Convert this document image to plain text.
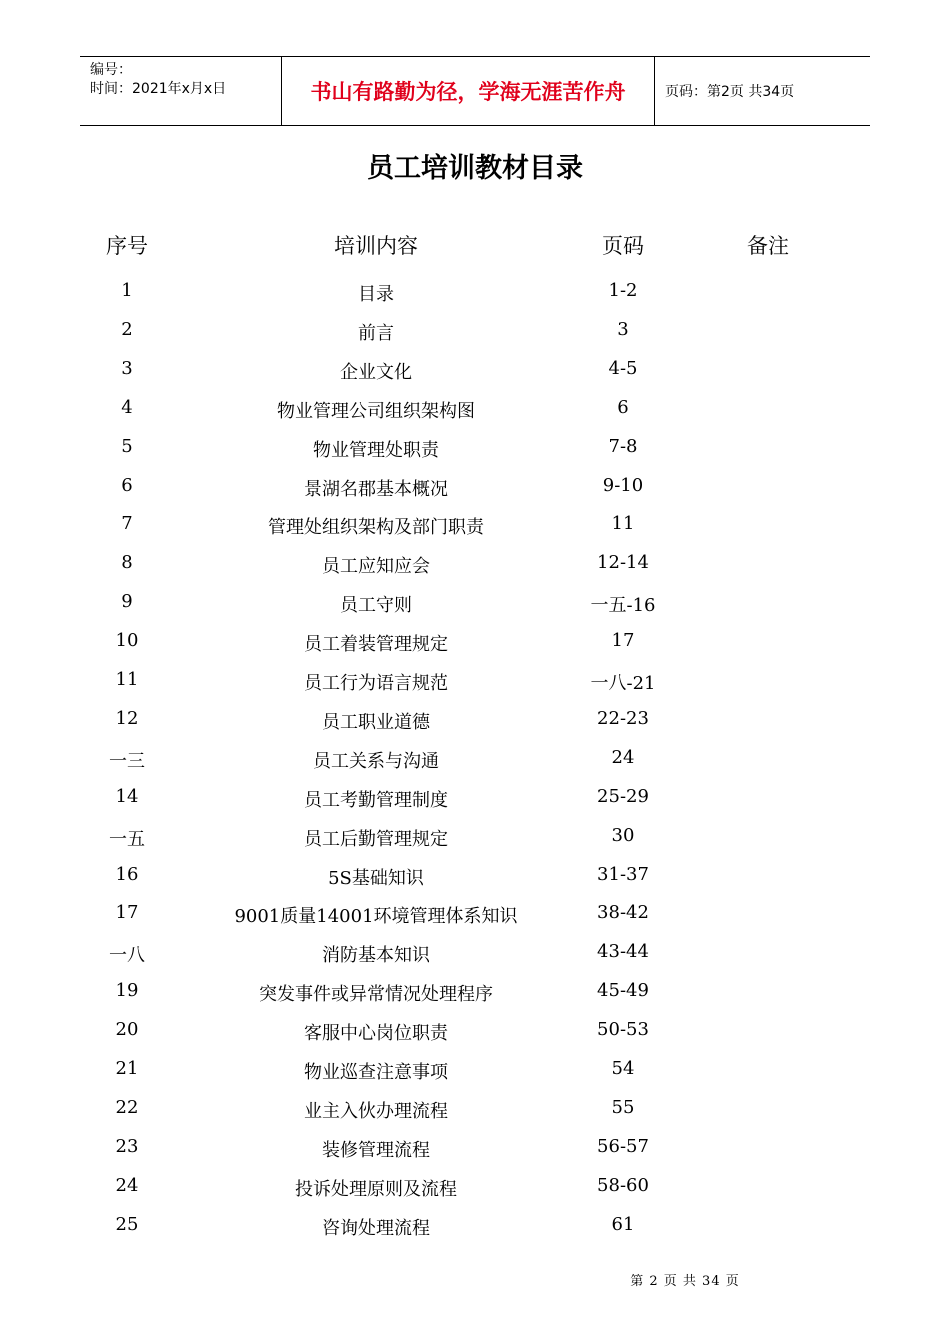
编号：
时间：2021年x月x日	书山有路勤为径，学海无涯苦作舟	页码：第2页 共34页
员工培训教材目录
序号	培训内容	页码	备注
1	目录	1-2
2	前言	3
3	企业文化	4-5
4	物业管理公司组织架构图	6
5	物业管理处职责	7-8
6	景湖名郡基本概况	9-10
7	管理处组织架构及部门职责	11
8	员工应知应会	12-14
9	员工守则	一五-16
10	员工着装管理规定	17
11	员工行为语言规范	一八-21
12	员工职业道德	22-23
一三	员工关系与沟通	24
14	员工考勤管理制度	25-29
一五	员工后勤管理规定	30
16	5S基础知识	31-37
17	9001质量14001环境管理体系知识	38-42
一八	消防基本知识	43-44
19	突发事件或异常情况处理程序	45-49
20	客服中心岗位职责	50-53
21	物业巡查注意事项	54
22	业主入伙办理流程	55
23	装修管理流程	56-57
24	投诉处理原则及流程	58-60
25	咨询处理流程	61
第 2 页 共 34 页
